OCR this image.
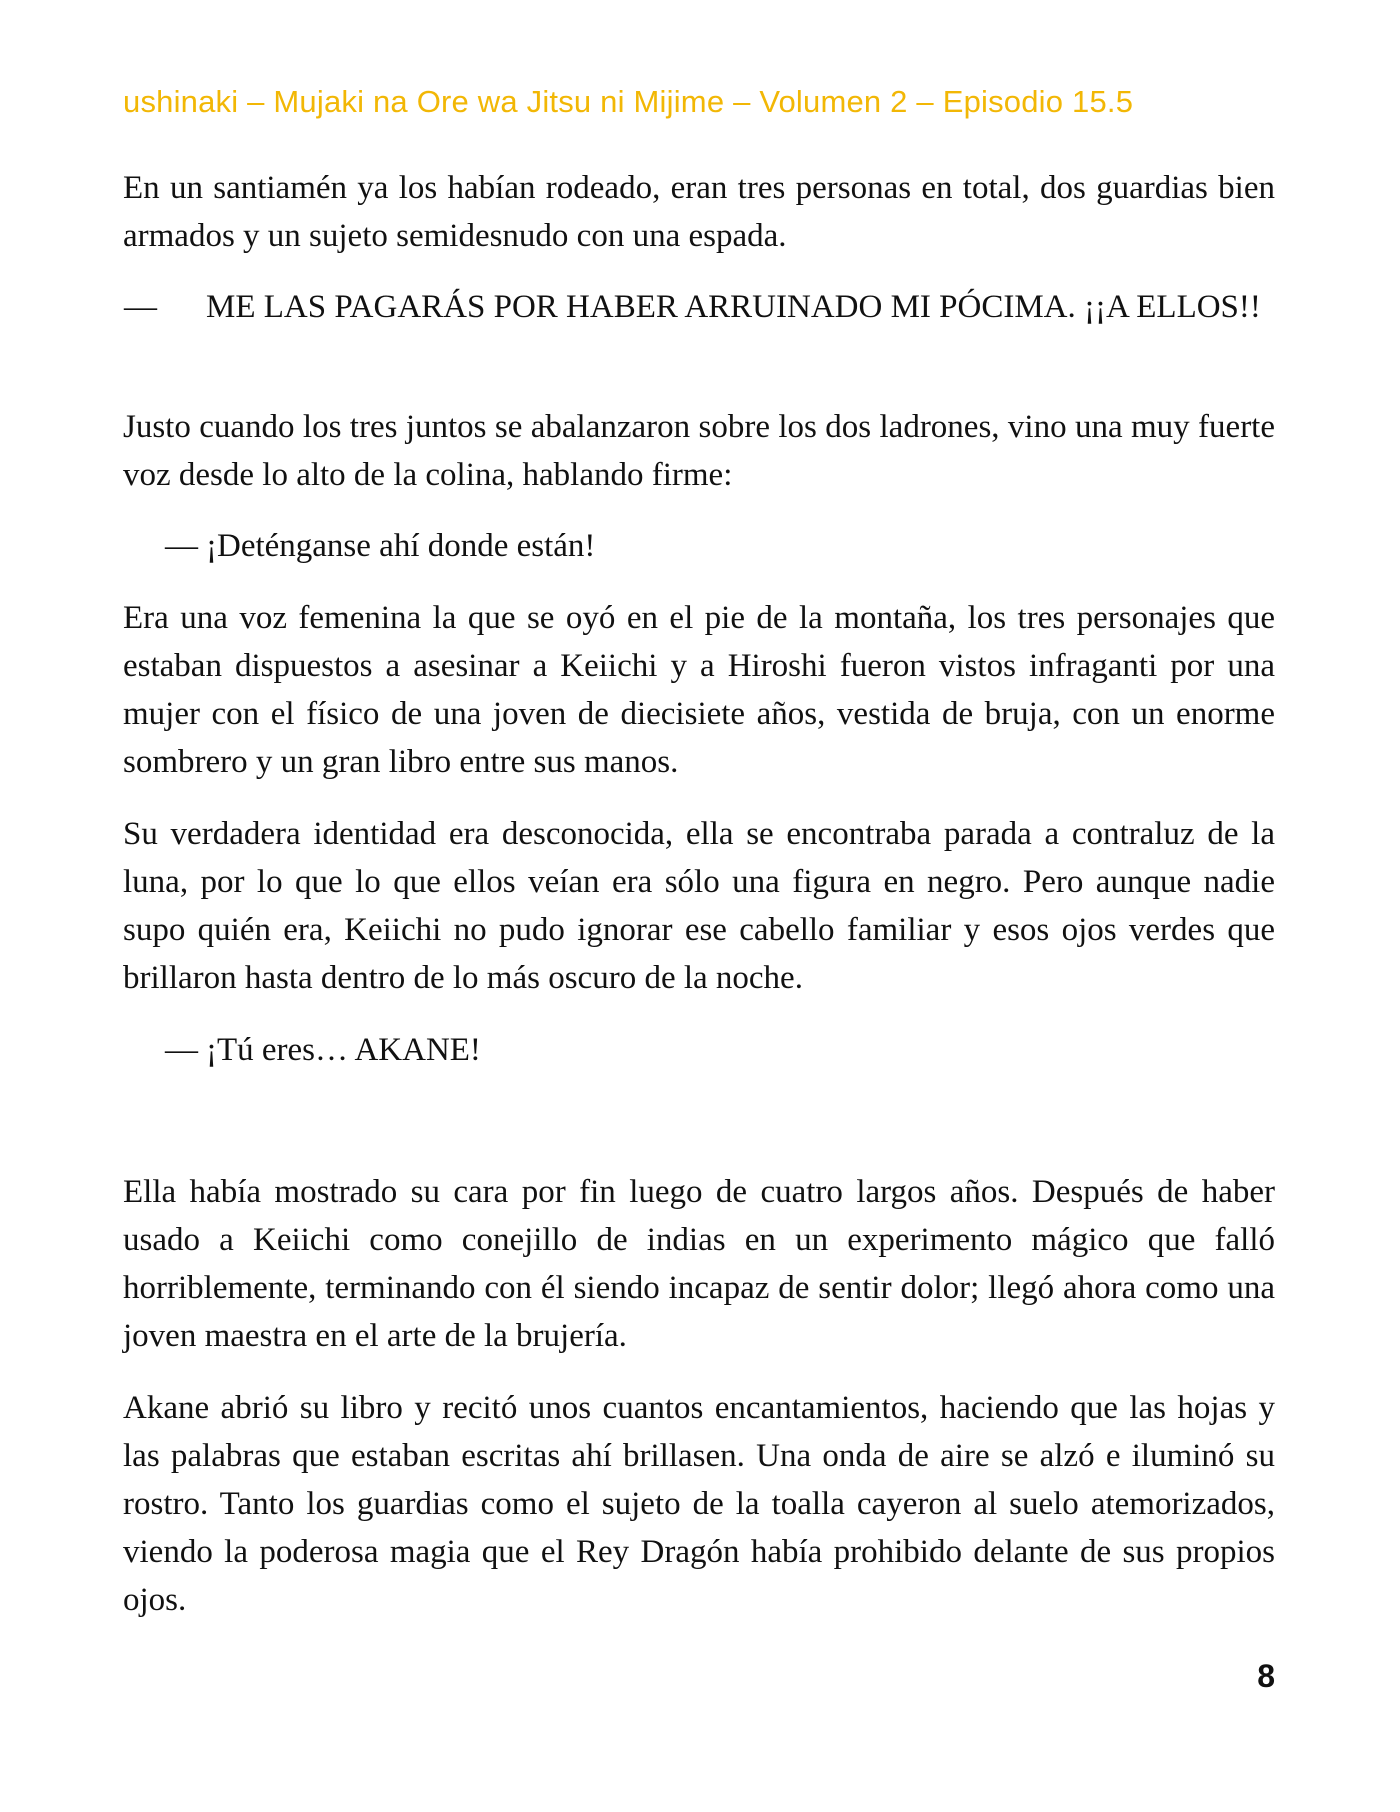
ushinaki – Mujaki na Ore wa Jitsu ni Mijime – Volumen 2 – Episodio 15.5

En un santiamén ya los habían rodeado, eran tres personas en total, dos guardias bien armados y un sujeto semidesnudo con una espada.

— ME LAS PAGARÁS POR HABER ARRUINADO MI PÓCIMA. ¡¡A ELLOS!!

Justo cuando los tres juntos se abalanzaron sobre los dos ladrones, vino una muy fuerte voz desde lo alto de la colina, hablando firme:

— ¡Deténganse ahí donde están!

Era una voz femenina la que se oyó en el pie de la montaña, los tres personajes que estaban dispuestos a asesinar a Keiichi y a Hiroshi fueron vistos infraganti por una mujer con el físico de una joven de diecisiete años, vestida de bruja, con un enorme sombrero y un gran libro entre sus manos.

Su verdadera identidad era desconocida, ella se encontraba parada a contraluz de la luna, por lo que lo que ellos veían era sólo una figura en negro. Pero aunque nadie supo quién era, Keiichi no pudo ignorar ese cabello familiar y esos ojos verdes que brillaron hasta dentro de lo más oscuro de la noche.

— ¡Tú eres… AKANE!

Ella había mostrado su cara por fin luego de cuatro largos años. Después de haber usado a Keiichi como conejillo de indias en un experimento mágico que falló horriblemente, terminando con él siendo incapaz de sentir dolor; llegó ahora como una joven maestra en el arte de la brujería.

Akane abrió su libro y recitó unos cuantos encantamientos, haciendo que las hojas y las palabras que estaban escritas ahí brillasen. Una onda de aire se alzó e iluminó su rostro. Tanto los guardias como el sujeto de la toalla cayeron al suelo atemorizados, viendo la poderosa magia que el Rey Dragón había prohibido delante de sus propios ojos.

8
